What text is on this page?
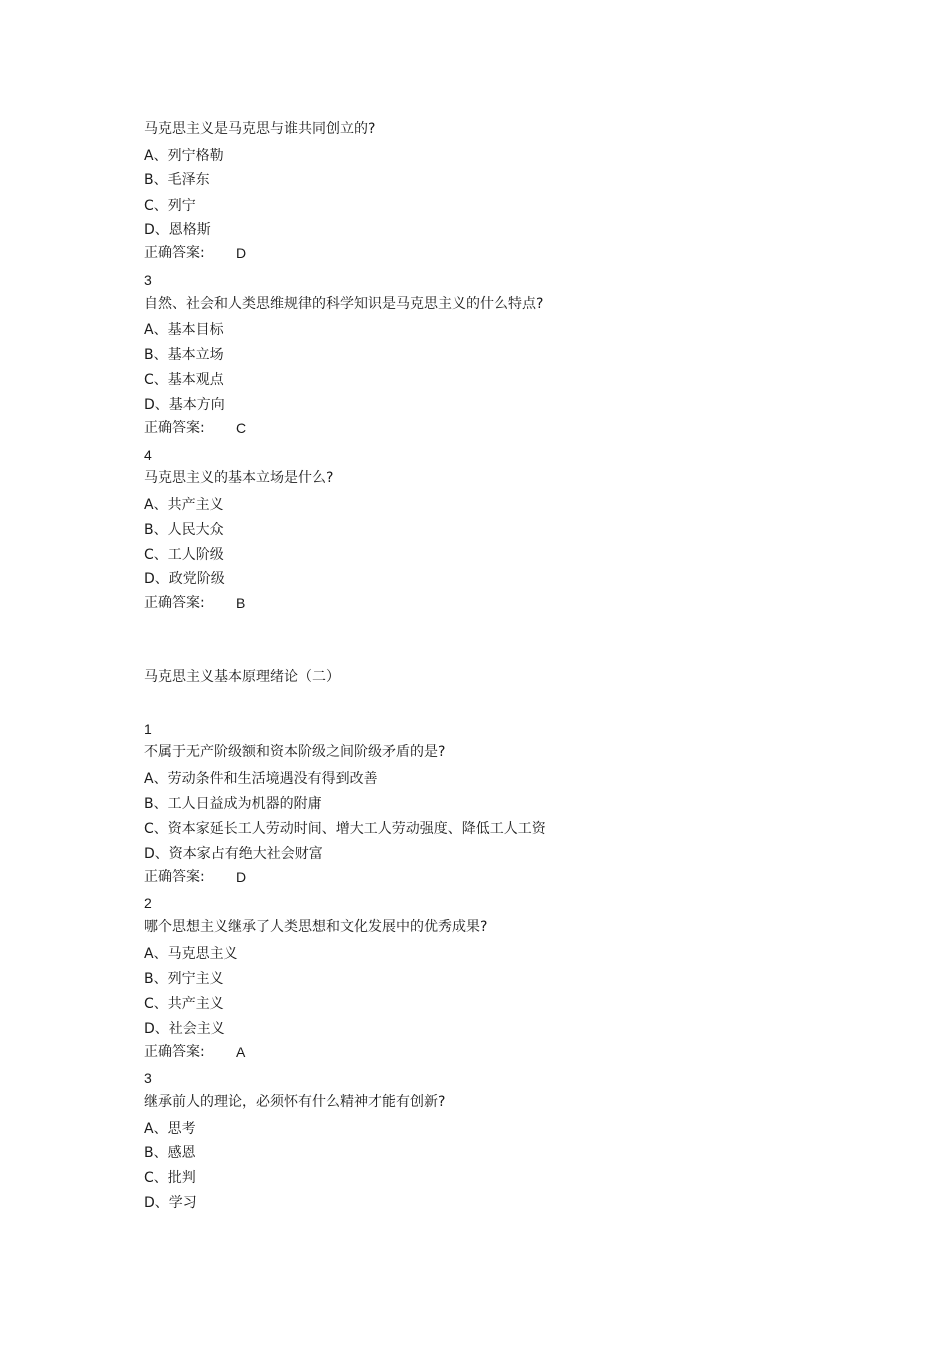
马克思主义是马克思与谁共同创立的?
A、列宁格勒
B、毛泽东
C、列宁
D、恩格斯
正确答案: D
3
自然、社会和人类思维规律的科学知识是马克思主义的什么特点?
A、基本目标
B、基本立场
C、基本观点
D、基本方向
正确答案: C
4
马克思主义的基本立场是什么?
A、共产主义
B、人民大众
C、工人阶级
D、政党阶级
正确答案: B
马克思主义基本原理绪论（二）
1
不属于无产阶级额和资本阶级之间阶级矛盾的是?
A、劳动条件和生活境遇没有得到改善
B、工人日益成为机器的附庸
C、资本家延长工人劳动时间、增大工人劳动强度、降低工人工资
D、资本家占有绝大社会财富
正确答案: D
2
哪个思想主义继承了人类思想和文化发展中的优秀成果?
A、马克思主义
B、列宁主义
C、共产主义
D、社会主义
正确答案: A
3
继承前人的理论，必须怀有什么精神才能有创新?
A、思考
B、感恩
C、批判
D、学习
